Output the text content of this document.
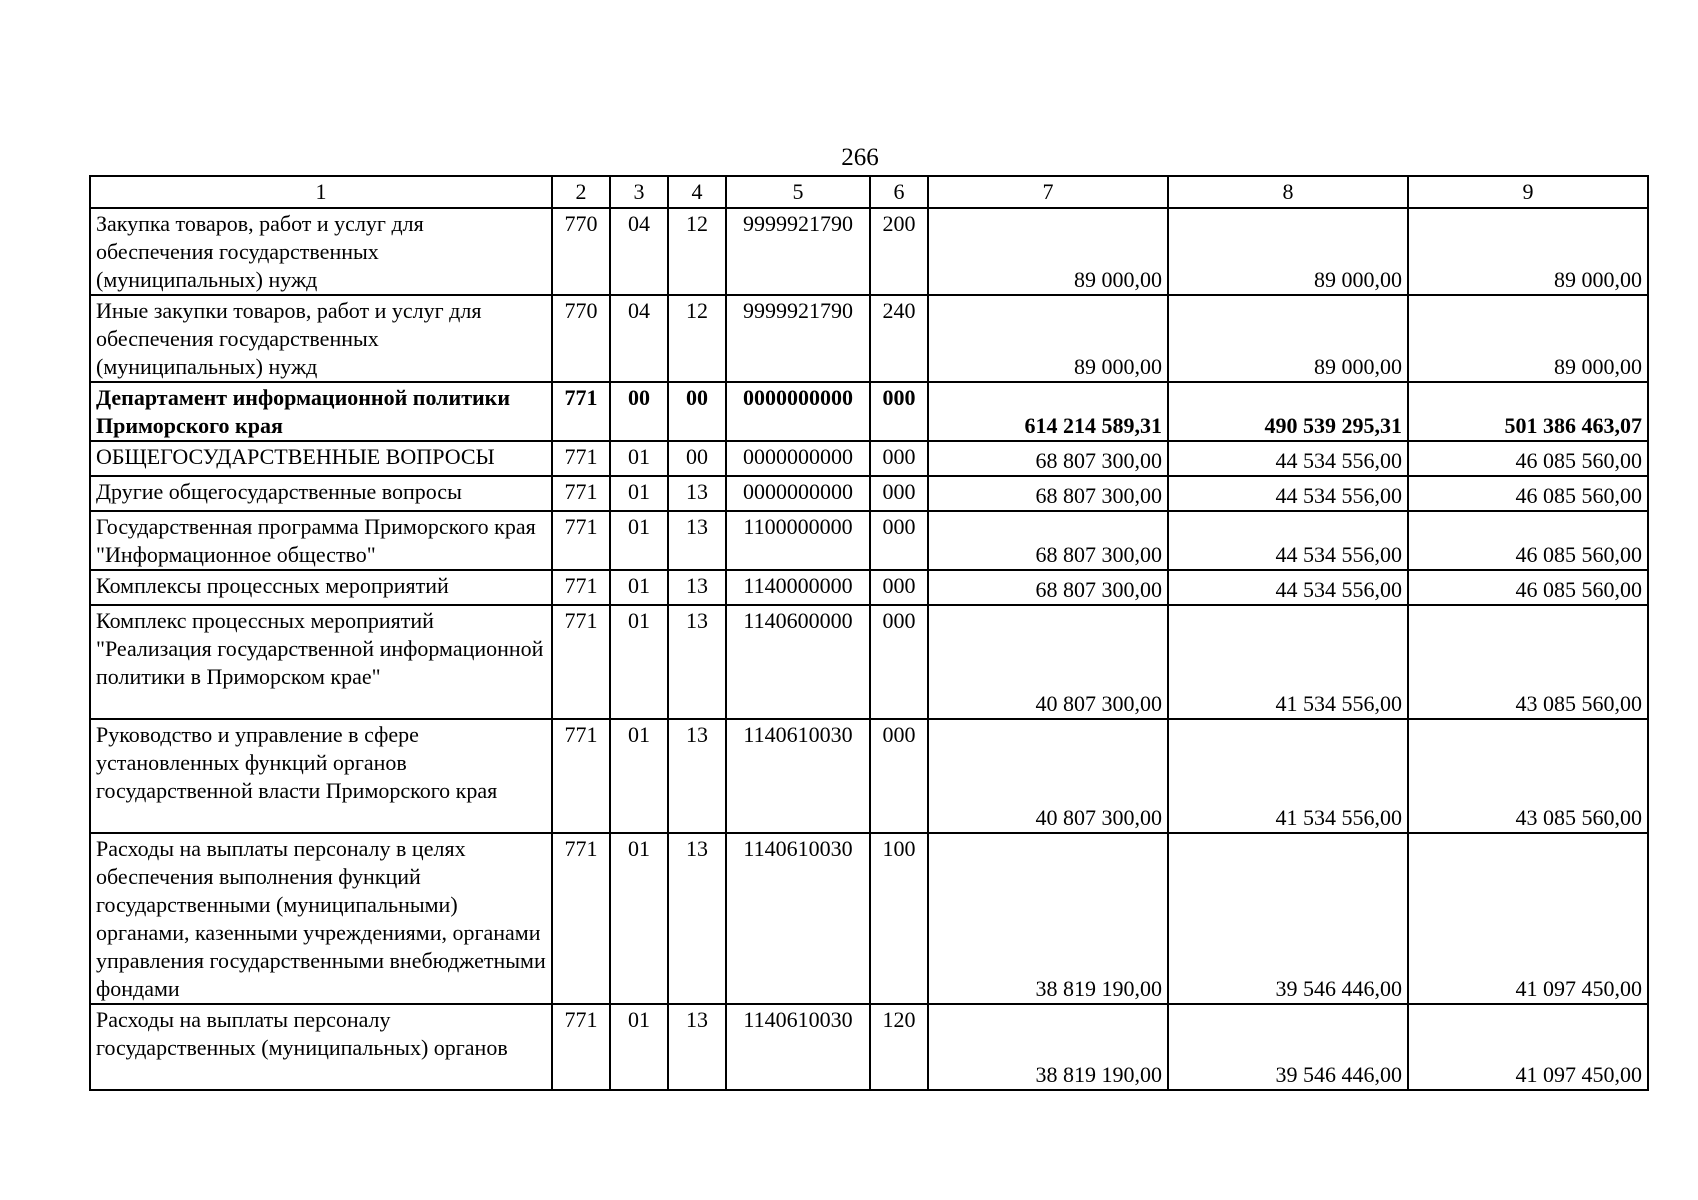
266
1	2	3	4	5	6	7	8	9
Закупка товаров, работ и услуг для обеспечения государственных (муниципальных) нужд	770	04	12	9999921790	200	89 000,00	89 000,00	89 000,00
Иные закупки товаров, работ и услуг для обеспечения государственных (муниципальных) нужд	770	04	12	9999921790	240	89 000,00	89 000,00	89 000,00
Департамент информационной политики Приморского края	771	00	00	0000000000	000	614 214 589,31	490 539 295,31	501 386 463,07
ОБЩЕГОСУДАРСТВЕННЫЕ ВОПРОСЫ	771	01	00	0000000000	000	68 807 300,00	44 534 556,00	46 085 560,00
Другие общегосударственные вопросы	771	01	13	0000000000	000	68 807 300,00	44 534 556,00	46 085 560,00
Государственная программа Приморского края "Информационное общество"	771	01	13	1100000000	000	68 807 300,00	44 534 556,00	46 085 560,00
Комплексы процессных мероприятий	771	01	13	1140000000	000	68 807 300,00	44 534 556,00	46 085 560,00
Комплекс процессных мероприятий "Реализация государственной информационной политики в Приморском крае"	771	01	13	1140600000	000	40 807 300,00	41 534 556,00	43 085 560,00
Руководство и управление в сфере установленных функций органов государственной власти Приморского края	771	01	13	1140610030	000	40 807 300,00	41 534 556,00	43 085 560,00
Расходы на выплаты персоналу в целях обеспечения выполнения функций государственными (муниципальными) органами, казенными учреждениями, органами управления государственными внебюджетными фондами	771	01	13	1140610030	100	38 819 190,00	39 546 446,00	41 097 450,00
Расходы на выплаты персоналу государственных (муниципальных) органов	771	01	13	1140610030	120	38 819 190,00	39 546 446,00	41 097 450,00
